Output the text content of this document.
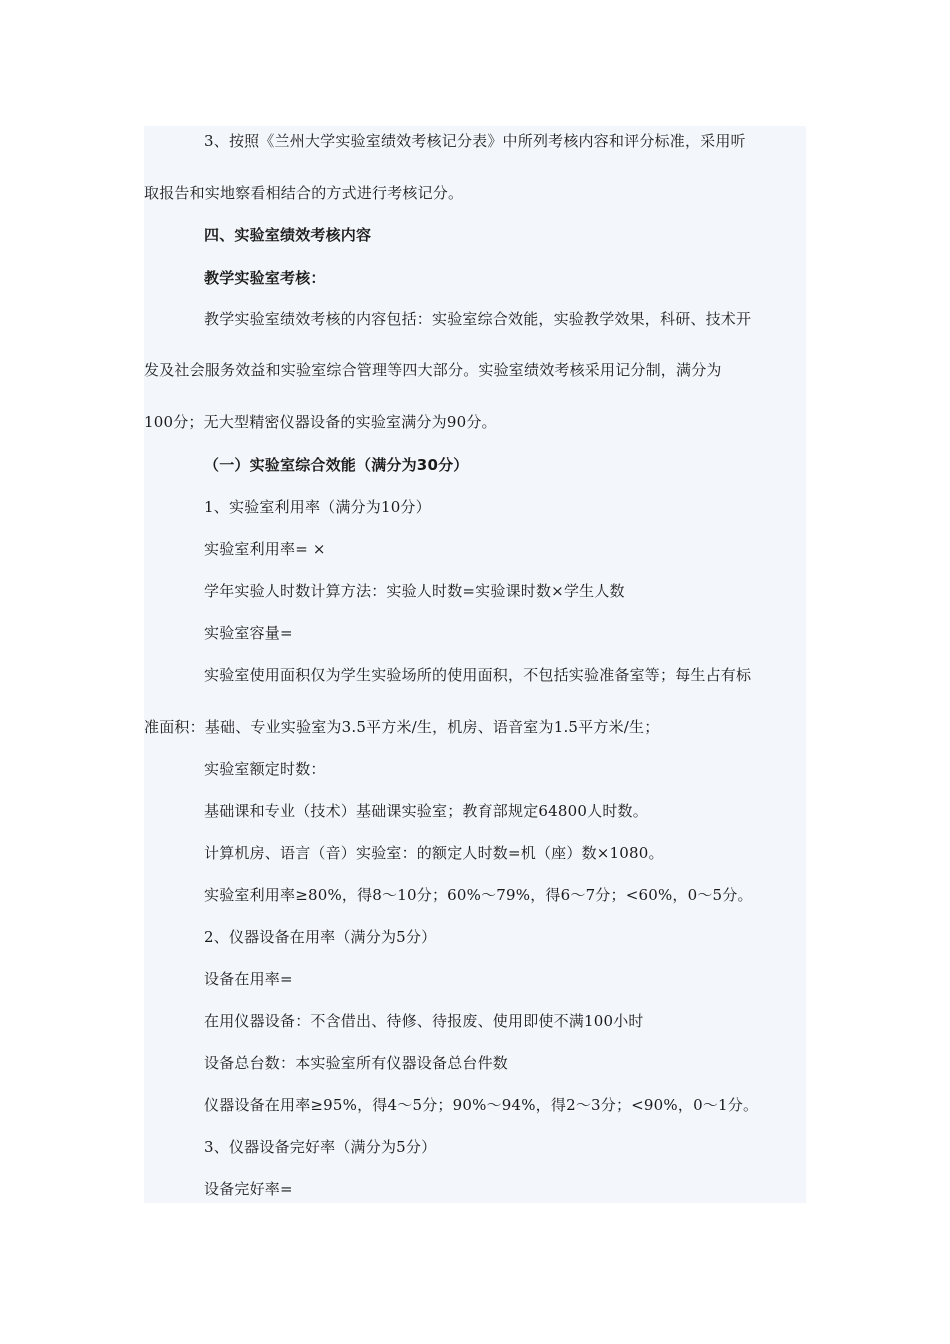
3、按照《兰州大学实验室绩效考核记分表》中所列考核内容和评分标准，采用听
取报告和实地察看相结合的方式进行考核记分。
四、实验室绩效考核内容
教学实验室考核：
教学实验室绩效考核的内容包括：实验室综合效能，实验教学效果，科研、技术开
发及社会服务效益和实验室综合管理等四大部分。实验室绩效考核采用记分制，满分为
100分；无大型精密仪器设备的实验室满分为90分。
（一）实验室综合效能（满分为30分）
1、实验室利用率（满分为10分）
实验室利用率= ×
学年实验人时数计算方法：实验人时数=实验课时数×学生人数
实验室容量=
实验室使用面积仅为学生实验场所的使用面积，不包括实验准备室等；每生占有标
准面积：基础、专业实验室为3.5平方米/生，机房、语音室为1.5平方米/生；
实验室额定时数：
基础课和专业（技术）基础课实验室；教育部规定64800人时数。
计算机房、语言（音）实验室：的额定人时数=机（座）数×1080。
实验室利用率≥80%，得8～10分；60%～79%，得6～7分；<60%，0～5分。
2、仪器设备在用率（满分为5分）
设备在用率=
在用仪器设备：不含借出、待修、待报废、使用即使不满100小时
设备总台数：本实验室所有仪器设备总台件数
仪器设备在用率≥95%，得4～5分；90%～94%，得2～3分；<90%，0～1分。
3、仪器设备完好率（满分为5分）
设备完好率=
